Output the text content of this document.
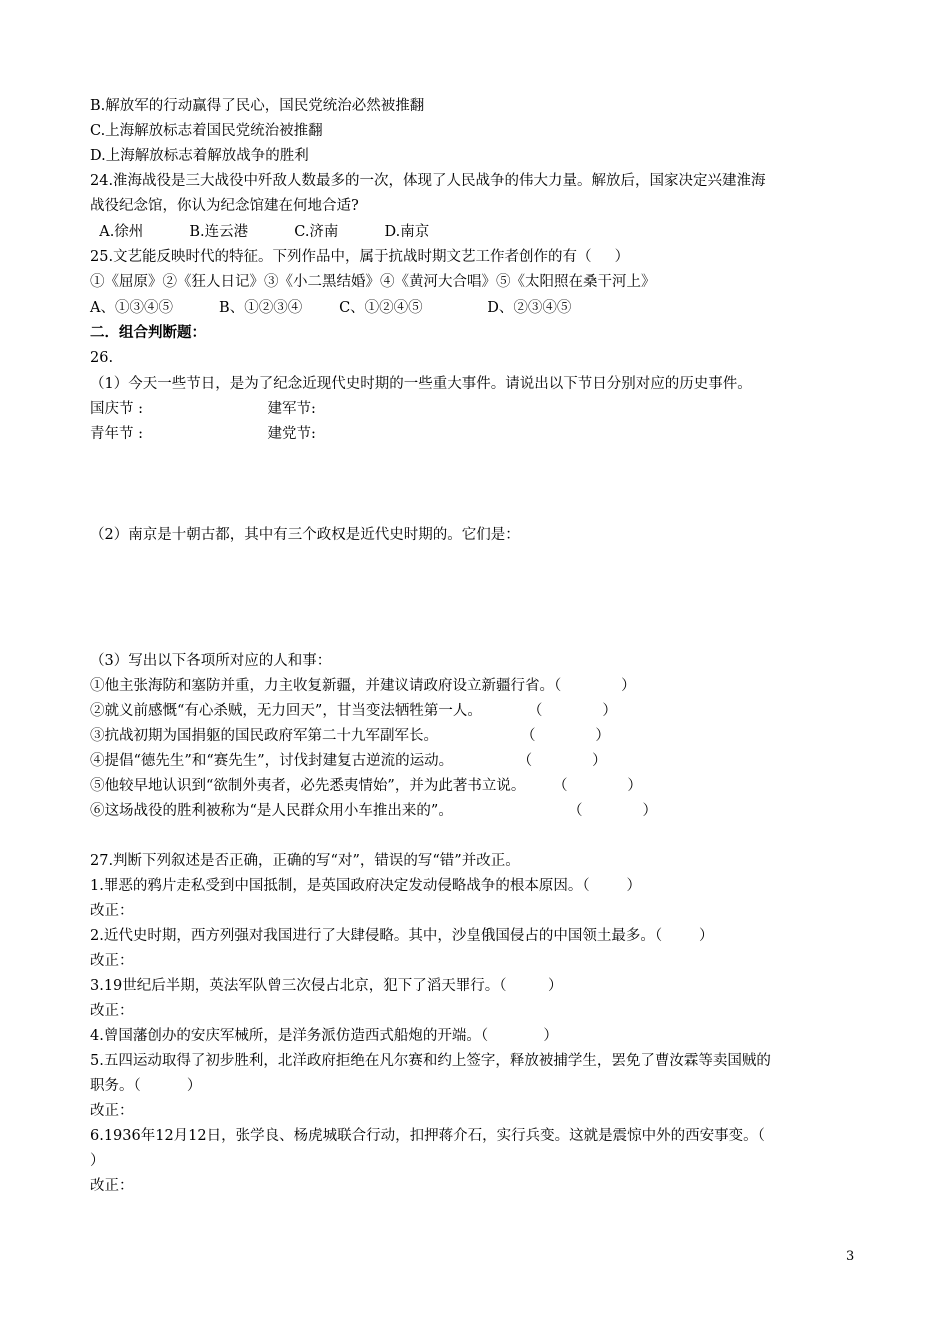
B.解放军的行动赢得了民心，国民党统治必然被推翻
C.上海解放标志着国民党统治被推翻
D.上海解放标志着解放战争的胜利
24.淮海战役是三大战役中歼敌人数最多的一次，体现了人民战争的伟大力量。解放后，国家决定兴建淮海
战役纪念馆，你认为纪念馆建在何地合适?
A.徐州          B.连云港          C.济南          D.南京
25.文艺能反映时代的特征。下列作品中，属于抗战时期文艺工作者创作的有（     ）
①《屈原》②《狂人日记》③《小二黑结婚》④《黄河大合唱》⑤《太阳照在桑干河上》
A、①③④⑤          B、①②③④        C、①②④⑤              D、②③④⑤
二．组合判断题：
26.
（1）今天一些节日，是为了纪念近现代史时期的一些重大事件。请说出以下节日分别对应的历史事件。
国庆节 :                           建军节:
青年节 :                           建党节:
（2）南京是十朝古都，其中有三个政权是近代史时期的。它们是：
（3）写出以下各项所对应的人和事：
①他主张海防和塞防并重，力主收复新疆，并建议请政府设立新疆行省。（             ）
②就义前感慨“有心杀贼，无力回天”，甘当变法牺牲第一人。          （             ）
③抗战初期为国捐躯的国民政府军第二十九军副军长。                  （             ）
④提倡“德先生”和“赛先生”，讨伐封建复古逆流的运动。              （             ）
⑤他较早地认识到“欲制外夷者，必先悉夷情始”，并为此著书立说。      （             ）
⑥这场战役的胜利被称为“是人民群众用小车推出来的”。                         （             ）
27.判断下列叙述是否正确，正确的写“对”，错误的写“错”并改正。
1.罪恶的鸦片走私受到中国抵制，是英国政府决定发动侵略战争的根本原因。（        ）
改正：
2.近代史时期，西方列强对我国进行了大肆侵略。其中，沙皇俄国侵占的中国领土最多。（        ）
改正：
3.19世纪后半期，英法军队曾三次侵占北京，犯下了滔天罪行。（         ）
改正：
4.曾国藩创办的安庆军械所，是洋务派仿造西式船炮的开端。（            ）
5.五四运动取得了初步胜利，北洋政府拒绝在凡尔赛和约上签字，释放被捕学生，罢免了曹汝霖等卖国贼的
职务。（          ）
改正：
6.1936年12月12日，张学良、杨虎城联合行动，扣押蒋介石，实行兵变。这就是震惊中外的西安事变。（
）
改正：
3
